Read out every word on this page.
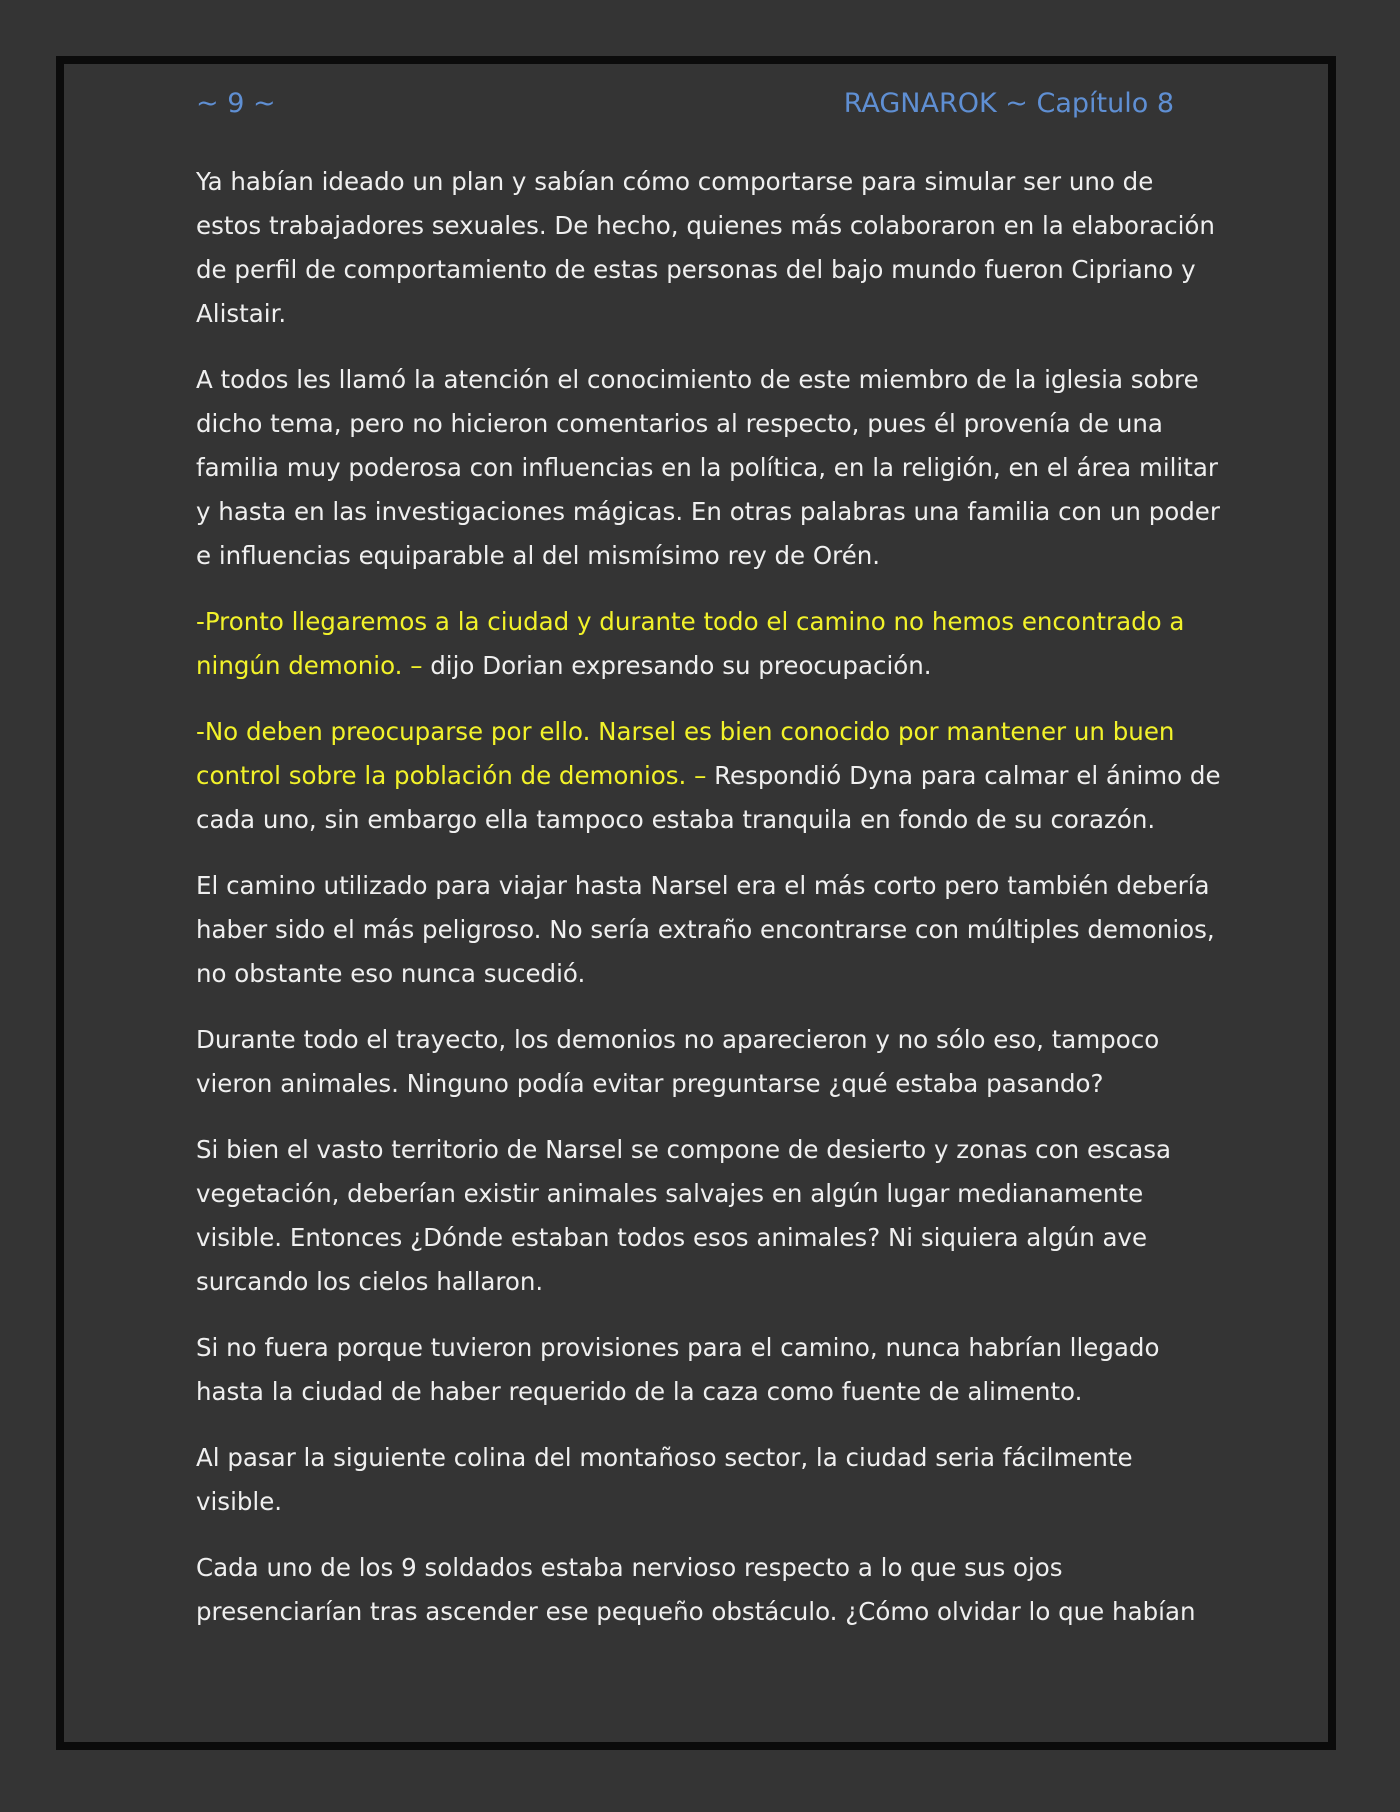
~ 9 ~	RAGNAROK ~ Capítulo 8

Ya habían ideado un plan y sabían cómo comportarse para simular ser uno de estos trabajadores sexuales. De hecho, quienes más colaboraron en la elaboración de perfil de comportamiento de estas personas del bajo mundo fueron Cipriano y Alistair.

A todos les llamó la atención el conocimiento de este miembro de la iglesia sobre dicho tema, pero no hicieron comentarios al respecto, pues él provenía de una familia muy poderosa con influencias en la política, en la religión, en el área militar y hasta en las investigaciones mágicas. En otras palabras una familia con un poder e influencias equiparable al del mismísimo rey de Orén.

-Pronto llegaremos a la ciudad y durante todo el camino no hemos encontrado a ningún demonio. – dijo Dorian expresando su preocupación.

-No deben preocuparse por ello. Narsel es bien conocido por mantener un buen control sobre la población de demonios. – Respondió Dyna para calmar el ánimo de cada uno, sin embargo ella tampoco estaba tranquila en fondo de su corazón.

El camino utilizado para viajar hasta Narsel era el más corto pero también debería haber sido el más peligroso. No sería extraño encontrarse con múltiples demonios, no obstante eso nunca sucedió.

Durante todo el trayecto, los demonios no aparecieron y no sólo eso, tampoco vieron animales. Ninguno podía evitar preguntarse ¿qué estaba pasando?

Si bien el vasto territorio de Narsel se compone de desierto y zonas con escasa vegetación, deberían existir animales salvajes en algún lugar medianamente visible. Entonces ¿Dónde estaban todos esos animales? Ni siquiera algún ave surcando los cielos hallaron.

Si no fuera porque tuvieron provisiones para el camino, nunca habrían llegado hasta la ciudad de haber requerido de la caza como fuente de alimento.

Al pasar la siguiente colina del montañoso sector, la ciudad seria fácilmente visible.

Cada uno de los 9 soldados estaba nervioso respecto a lo que sus ojos presenciarían tras ascender ese pequeño obstáculo. ¿Cómo olvidar lo que habían
